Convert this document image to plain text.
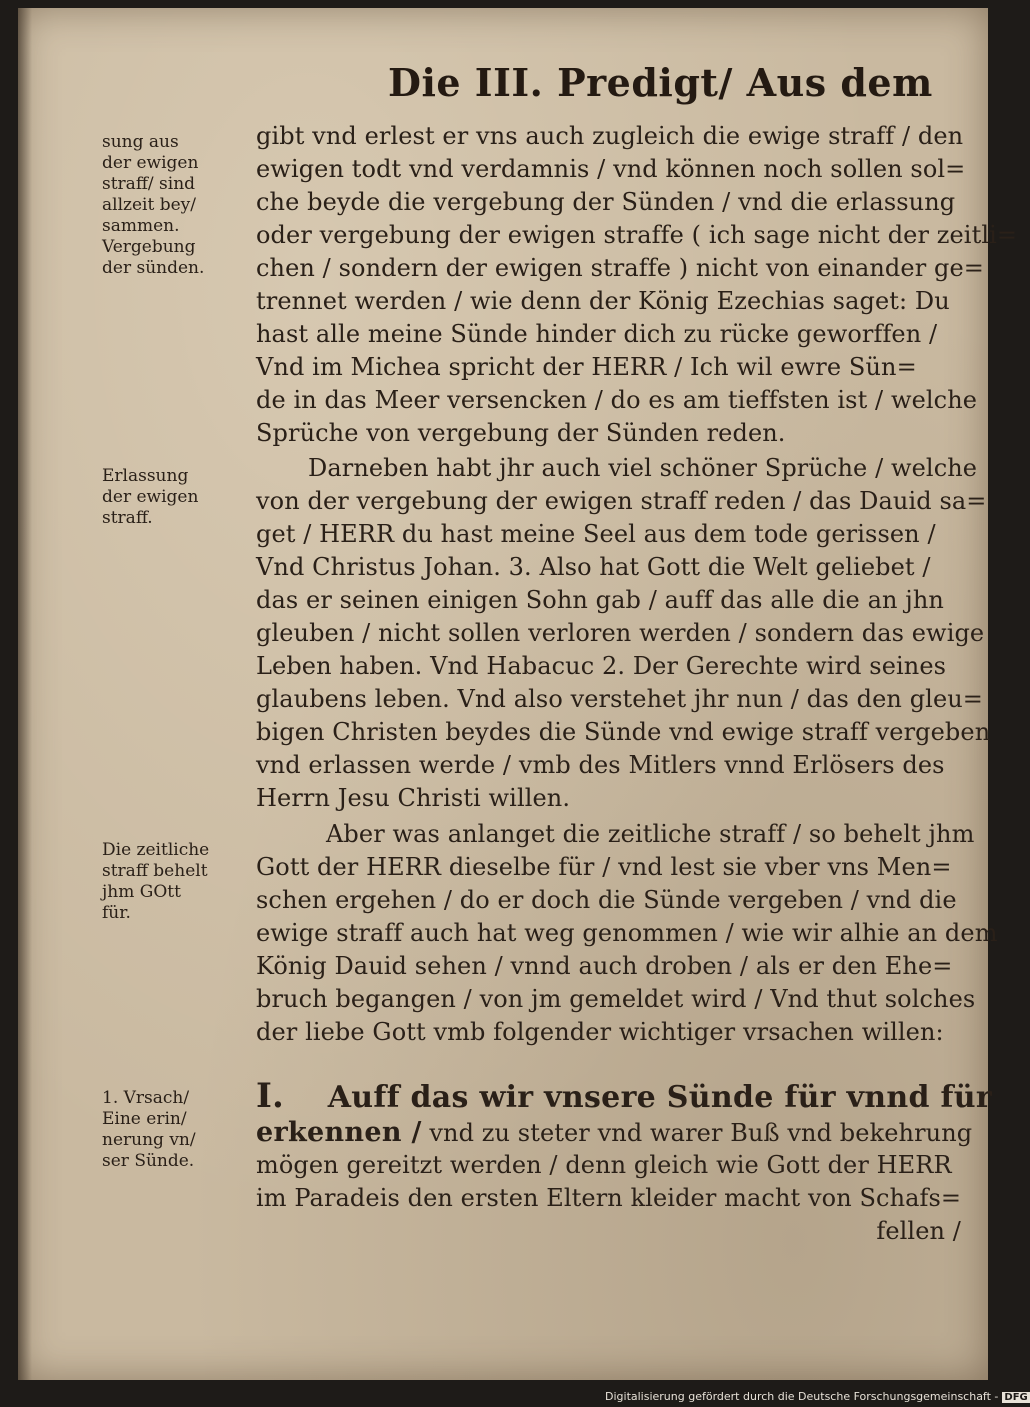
Die III. Predigt/ Aus dem
sung aus
der ewigen
straff/ sind
allzeit bey/
sammen.
Vergebung
der sünden.
Erlassung
der ewigen
straff.
Die zeitliche
straff behelt
jhm GOtt
für.
1. Vrsach/
Eine erin/
nerung vn/
ser Sünde.
gibt vnd erlest er vns auch zugleich die ewige straff / den
ewigen todt vnd verdamnis / vnd können noch sollen sol=
che beyde die vergebung der Sünden / vnd die erlassung
oder vergebung der ewigen straffe ( ich sage nicht der zeitli=
chen / sondern der ewigen straffe ) nicht von einander ge=
trennet werden / wie denn der König Ezechias saget: Du
hast alle meine Sünde hinder dich zu rücke geworffen /
Vnd im Michea spricht der HERR / Ich wil ewre Sün=
de in das Meer versencken / do es am tieffsten ist / welche
Sprüche von vergebung der Sünden reden.
Darneben habt jhr auch viel schöner Sprüche / welche
von der vergebung der ewigen straff reden / das Dauid sa=
get / HERR du hast meine Seel aus dem tode gerissen /
Vnd Christus Johan. 3. Also hat Gott die Welt geliebet /
das er seinen einigen Sohn gab / auff das alle die an jhn
gleuben / nicht sollen verloren werden / sondern das ewige
Leben haben. Vnd Habacuc 2. Der Gerechte wird seines
glaubens leben. Vnd also verstehet jhr nun / das den gleu=
bigen Christen beydes die Sünde vnd ewige straff vergeben
vnd erlassen werde / vmb des Mitlers vnnd Erlösers des
Herrn Jesu Christi willen.
Aber was anlanget die zeitliche straff / so behelt jhm
Gott der HERR dieselbe für / vnd lest sie vber vns Men=
schen ergehen / do er doch die Sünde vergeben / vnd die
ewige straff auch hat weg genommen / wie wir alhie an dem
König Dauid sehen / vnnd auch droben / als er den Ehe=
bruch begangen / von jm gemeldet wird / Vnd thut solches
der liebe Gott vmb folgender wichtiger vrsachen willen:
I. Auff das wir vnsere Sünde für vnnd für
erkennen / vnd zu steter vnd warer Buß vnd bekehrung
mögen gereitzt werden / denn gleich wie Gott der HERR
im Paradeis den ersten Eltern kleider macht von Schafs=
fellen /
Digitalisierung gefördert durch die Deutsche Forschungsgemeinschaft - DFG
